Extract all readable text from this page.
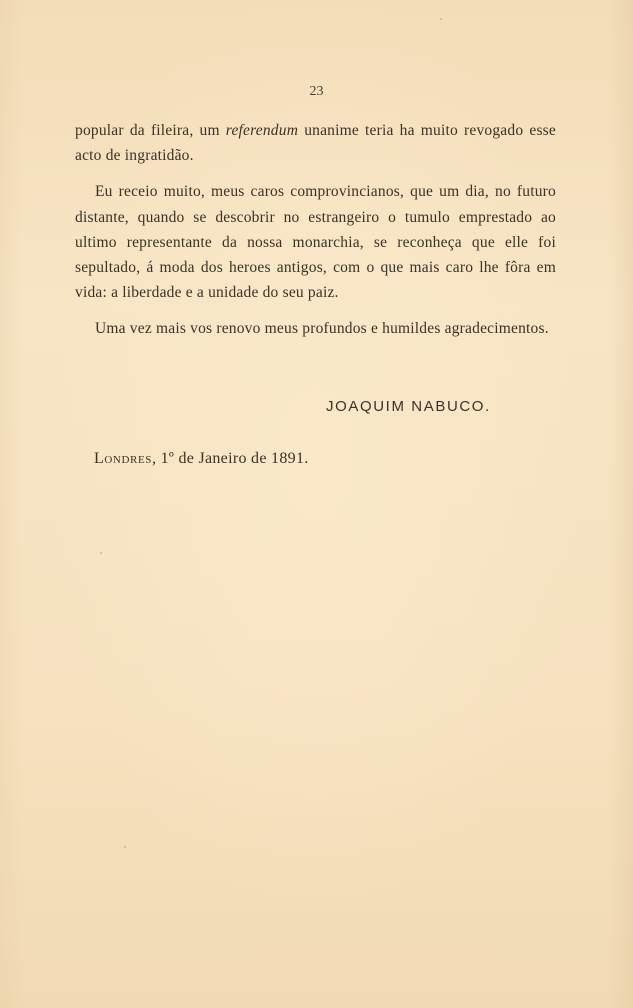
23

popular da fileira, um referendum unanime teria ha muito revogado esse acto de ingratidão.

Eu receio muito, meus caros comprovincianos, que um dia, no futuro distante, quando se descobrir no estrangeiro o tumulo emprestado ao ultimo representante da nossa monarchia, se reconheça que elle foi sepultado, á moda dos heroes antigos, com o que mais caro lhe fôra em vida: a liberdade e a unidade do seu paiz.

Uma vez mais vos renovo meus profundos e humildes agradecimentos.

JOAQUIM NABUCO.
Londres, 1º de Janeiro de 1891.
